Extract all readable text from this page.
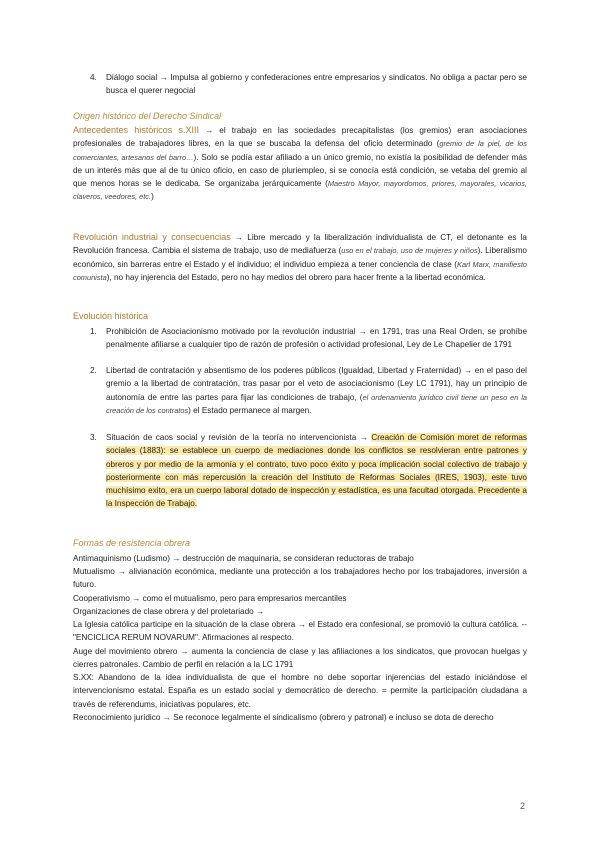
4. Diálogo social → Impulsa al gobierno y confederaciones entre empresarios y sindicatos. No obliga a pactar pero se busca el querer negocial

Origen histórico del Derecho Sindical

Antecedentes históricos s.XIII → el trabajo en las sociedades precapitalistas (los gremios) eran asociaciones profesionales de trabajadores libres, en la que se buscaba la defensa del oficio determinado (gremio de la piel, de los comerciantes, artesanos del barro…). Solo se podía estar afiliado a un único gremio, no existía la posibilidad de defender más de un interés más que al de tu único oficio, en caso de pluriempleo, si se conocía está condición, se vetaba del gremio al que menos horas se le dedicaba. Se organizaba jerárquicamente (Maestro Mayor, mayordomos, priores, mayorales, vicarios, claveros, veedores, etc.)

Revolución industrial y consecuencias → Libre mercado y la liberalización individualista de CT, el detonante es la Revolución francesa. Cambia el sistema de trabajo, uso de mediafuerza (uso en el trabajo, uso de mujeres y niños). Liberalismo económico, sin barreras entre el Estado y el individuo; el individuo empieza a tener conciencia de clase (Karl Marx, manifiesto comunista), no hay injerencia del Estado, pero no hay medios del obrero para hacer frente a la libertad económica.

Evolución histórica
1. Prohibición de Asociacionismo motivado por la revolución industrial → en 1791, tras una Real Orden, se prohíbe penalmente afiliarse a cualquier tipo de razón de profesión o actividad profesional, Ley de Le Chapelier de 1791

2. Libertad de contratación y absentismo de los poderes públicos (Igualdad, Libertad y Fraternidad) → en el paso del gremio a la libertad de contratación, tras pasar por el veto de asociacionismo (Ley LC 1791), hay un principio de autonomía de entre las partes para fijar las condiciones de trabajo, (el ordenamiento jurídico civil tiene un peso en la creación de los contratos) el Estado permanece al margen.

3. Situación de caos social y revisión de la teoría no intervencionista → Creación de Comisión moret de reformas sociales (1883): se establece un cuerpo de mediaciones donde los conflictos se resolvieran entre patrones y obreros y por medio de la armonía y el contrato, tuvo poco éxito y poca implicación social colectivo de trabajo y posteriormente con más repercusión la creación del Instituto de Reformas Sociales (IRES, 1903), este tuvo muchísimo exito, era un cuerpo laboral dotado de inspección y estadística, es una facultad otorgada. Precedente a la Inspección de Trabajo.

Formas de resistencia obrera

Antimaquinismo (Ludismo) → destrucción de maquinaria, se consideran reductoras de trabajo

Mutualismo → alivianación económica, mediante una protección a los trabajadores hecho por los trabajadores, inversión a futuro.

Cooperativismo → como el mutualismo, pero para empresarios mercantiles

Organizaciones de clase obrera y del proletariado →

La Iglesia católica participe en la situación de la clase obrera → el Estado era confesional, se promovió la cultura católica. --"ENCICLICA RERUM NOVARUM". Afirmaciones al respecto.

Auge del movimiento obrero → aumenta la conciencia de clase y las afiliaciones a los sindicatos, que provocan huelgas y cierres patronales. Cambio de perfil en relación a la LC 1791

S.XX: Abandono de la idea individualista de que el hombre no debe soportar injerencias del estado iniciándose el intervencionismo estatal. España es un estado social y democrático de derecho. = permite la participación ciudadana a través de referendums, iniciativas populares, etc.

Reconocimiento jurídico → Se reconoce legalmente el sindicalismo (obrero y patronal) e incluso se dota de derecho

2
